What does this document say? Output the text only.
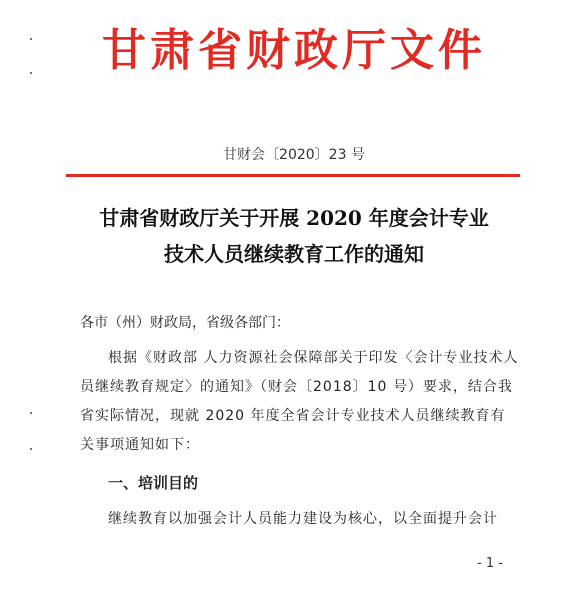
甘肃省财政厅文件
甘财会〔2020〕23 号
甘肃省财政厅关于开展 2020 年度会计专业
技术人员继续教育工作的通知
各市（州）财政局，省级各部门：
根据《财政部 人力资源社会保障部关于印发〈会计专业技术人员继续教育规定〉的通知》（财会〔2018〕10 号）要求，结合我省实际情况，现就 2020 年度全省会计专业技术人员继续教育有关事项通知如下：
一、培训目的
继续教育以加强会计人员能力建设为核心，以全面提升会计
- 1 -
